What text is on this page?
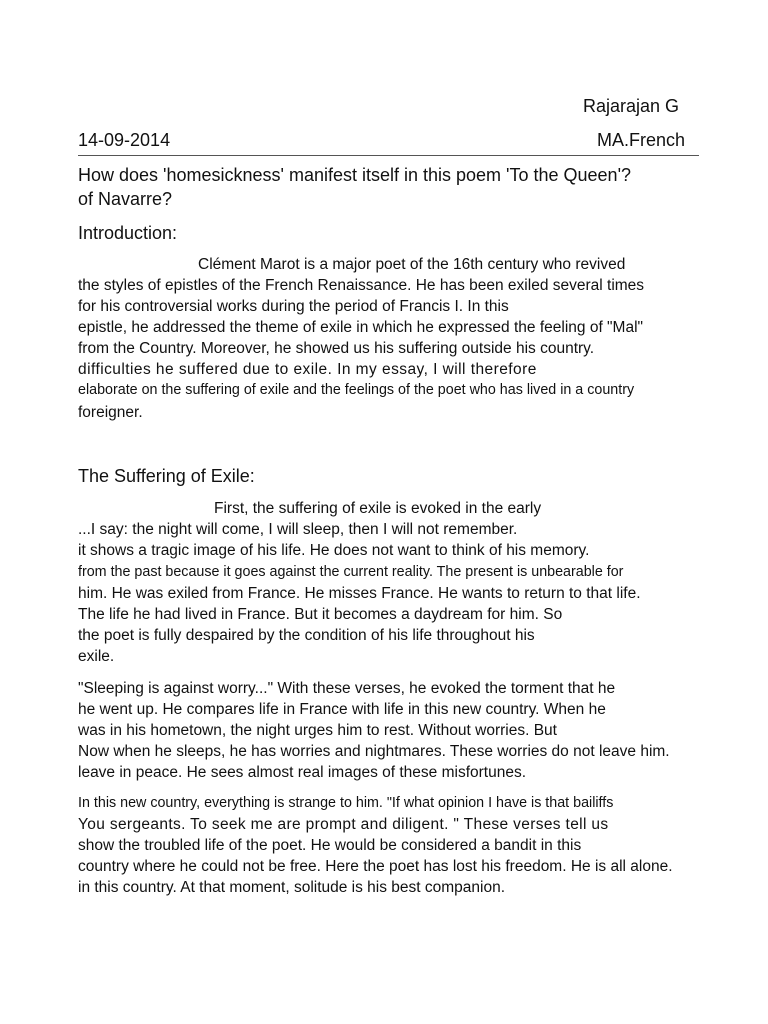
Rajarajan G
14-09-2014	MA.French
How does 'homesickness' manifest itself in this poem 'To the Queen'?
of Navarre?
Introduction:
Clément Marot is a major poet of the 16th century who revived
the styles of epistles of the French Renaissance. He has been exiled several times
for his controversial works during the period of Francis I. In this
epistle, he addressed the theme of exile in which he expressed the feeling of "Mal"
from the Country. Moreover, he showed us his suffering outside his country.
difficulties he suffered due to exile. In my essay, I will therefore
elaborate on the suffering of exile and the feelings of the poet who has lived in a country
foreigner.
The Suffering of Exile:
First, the suffering of exile is evoked in the early
...I say: the night will come, I will sleep, then I will not remember.
it shows a tragic image of his life. He does not want to think of his memory.
from the past because it goes against the current reality. The present is unbearable for
him. He was exiled from France. He misses France. He wants to return to that life.
The life he had lived in France. But it becomes a daydream for him. So
the poet is fully despaired by the condition of his life throughout his
exile.
"Sleeping is against worry..." With these verses, he evoked the torment that he
he went up. He compares life in France with life in this new country. When he
was in his hometown, the night urges him to rest. Without worries. But
Now when he sleeps, he has worries and nightmares. These worries do not leave him.
leave in peace. He sees almost real images of these misfortunes.
In this new country, everything is strange to him. "If what opinion I have is that bailiffs
You sergeants. To seek me are prompt and diligent. " These verses tell us
show the troubled life of the poet. He would be considered a bandit in this
country where he could not be free. Here the poet has lost his freedom. He is all alone.
in this country. At that moment, solitude is his best companion.
